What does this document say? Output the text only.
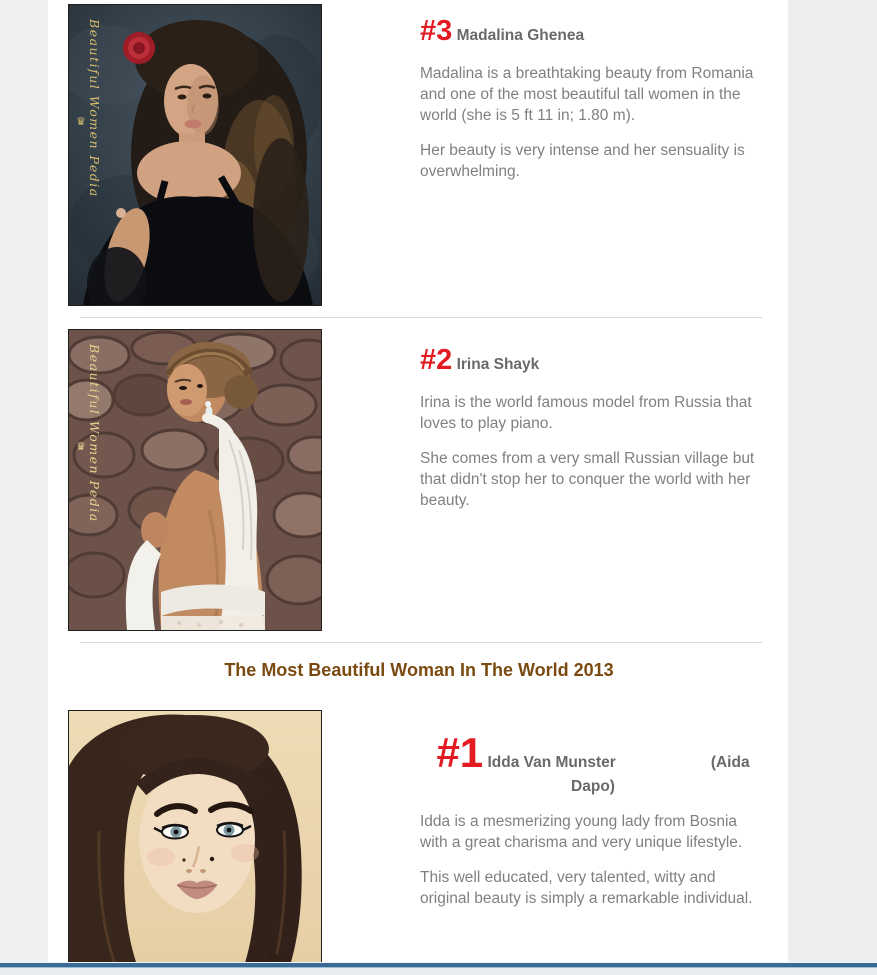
Beautiful Women Pedia
♛
#3 Madalina Ghenea

Madalina is a breathtaking beauty from Romania and one of the most beautiful tall women in the world (she is 5 ft 11 in; 1.80 m).

Her beauty is very intense and her sensuality is overwhelming.

Beautiful Women Pedia
♛
#2 Irina Shayk

Irina is the world famous model from Russia that loves to play piano.

She comes from a very small Russian village but that didn't stop her to conquer the world with her beauty.

The Most Beautiful Woman In The World 2013
#1 Idda Van Munster	(Aida Dapo)

Idda is a mesmerizing young lady from Bosnia with a great charisma and very unique lifestyle.

This well educated, very talented, witty and original beauty is simply a remarkable individual.
